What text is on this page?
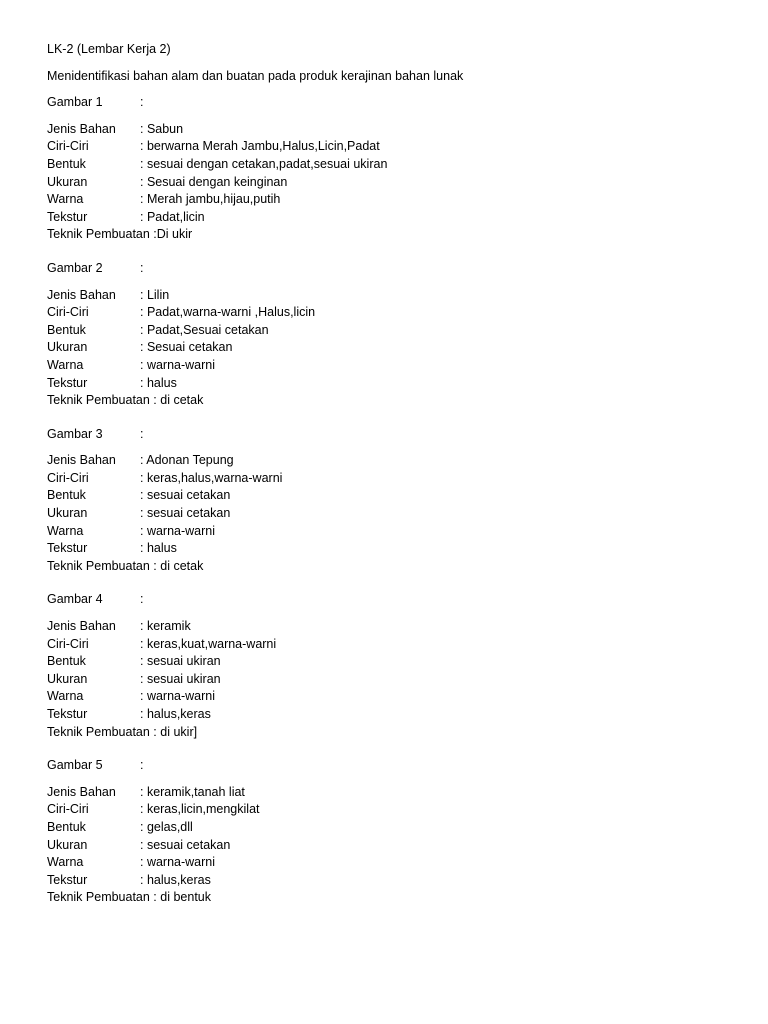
LK-2 (Lembar Kerja 2)
Menidentifikasi bahan alam dan buatan pada produk kerajinan bahan lunak
Gambar 1	:
Jenis Bahan	: Sabun
Ciri-Ciri	: berwarna Merah Jambu,Halus,Licin,Padat
Bentuk	: sesuai dengan cetakan,padat,sesuai ukiran
Ukuran	: Sesuai dengan keinginan
Warna	: Merah jambu,hijau,putih
Tekstur	: Padat,licin
Teknik Pembuatan :Di ukir
Gambar 2	:
Jenis Bahan	: Lilin
Ciri-Ciri	: Padat,warna-warni ,Halus,licin
Bentuk	: Padat,Sesuai cetakan
Ukuran	: Sesuai cetakan
Warna	: warna-warni
Tekstur	: halus
Teknik Pembuatan : di cetak
Gambar 3	:
Jenis Bahan	: Adonan Tepung
Ciri-Ciri	: keras,halus,warna-warni
Bentuk	: sesuai cetakan
Ukuran	: sesuai cetakan
Warna	: warna-warni
Tekstur	: halus
Teknik Pembuatan : di cetak
Gambar 4	:
Jenis Bahan	: keramik
Ciri-Ciri	: keras,kuat,warna-warni
Bentuk	: sesuai ukiran
Ukuran	: sesuai ukiran
Warna	: warna-warni
Tekstur	: halus,keras
Teknik Pembuatan : di ukir]
Gambar 5	:
Jenis Bahan	: keramik,tanah liat
Ciri-Ciri	: keras,licin,mengkilat
Bentuk	: gelas,dll
Ukuran	: sesuai cetakan
Warna	: warna-warni
Tekstur	: halus,keras
Teknik Pembuatan : di bentuk
